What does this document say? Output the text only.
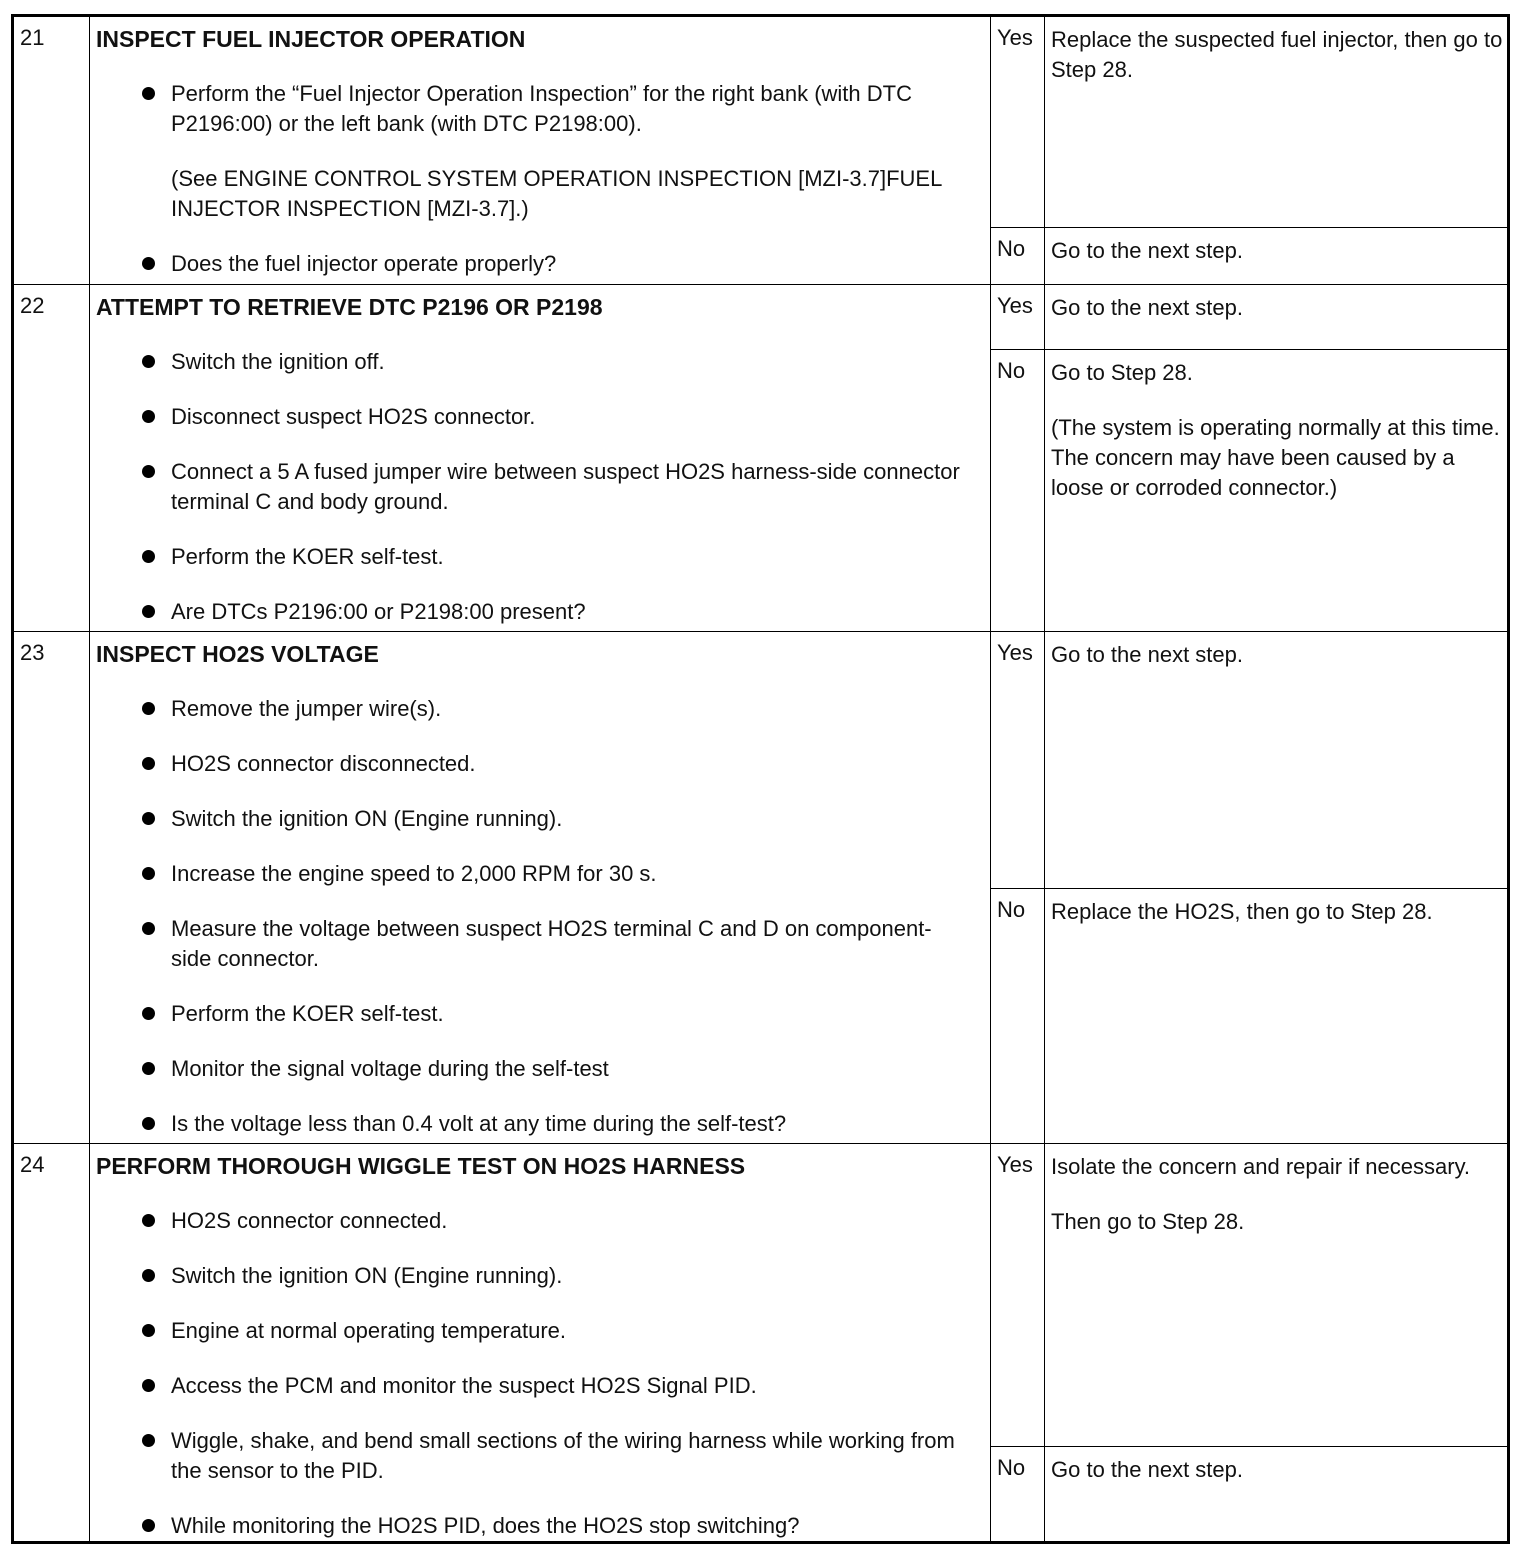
21	INSPECT FUEL INJECTOR OPERATION
Perform the “Fuel Injector Operation Inspection” for the right bank (with DTC P2196:00) or the left bank (with DTC P2198:00).
(See ENGINE CONTROL SYSTEM OPERATION INSPECTION [MZI-3.7]FUEL INJECTOR INSPECTION [MZI-3.7].)
Does the fuel injector operate properly?
Yes Replace the suspected fuel injector, then go to Step 28.

No	Go to the next step.

22	ATTEMPT TO RETRIEVE DTC P2196 OR P2198
Switch the ignition off.
Disconnect suspect HO2S connector.
Connect a 5 A fused jumper wire between suspect HO2S harness-side connector terminal C and body ground.
Perform the KOER self-test.
Are DTCs P2196:00 or P2198:00 present?
Yes Go to the next step.

No	Go to Step 28.

(The system is operating normally at this time. The concern may have been caused by a loose or corroded connector.)

23	INSPECT HO2S VOLTAGE
Remove the jumper wire(s).
HO2S connector disconnected.
Switch the ignition ON (Engine running).
Increase the engine speed to 2,000 RPM for 30 s.
Measure the voltage between suspect HO2S terminal C and D on component-side connector.
Perform the KOER self-test.
Monitor the signal voltage during the self-test
Is the voltage less than 0.4 volt at any time during the self-test?
Yes Go to the next step.

No	Replace the HO2S, then go to Step 28.

24	PERFORM THOROUGH WIGGLE TEST ON HO2S HARNESS
HO2S connector connected.
Switch the ignition ON (Engine running).
Engine at normal operating temperature.
Access the PCM and monitor the suspect HO2S Signal PID.
Wiggle, shake, and bend small sections of the wiring harness while working from the sensor to the PID.
While monitoring the HO2S PID, does the HO2S stop switching?
Yes Isolate the concern and repair if necessary.

Then go to Step 28.

No	Go to the next step.
